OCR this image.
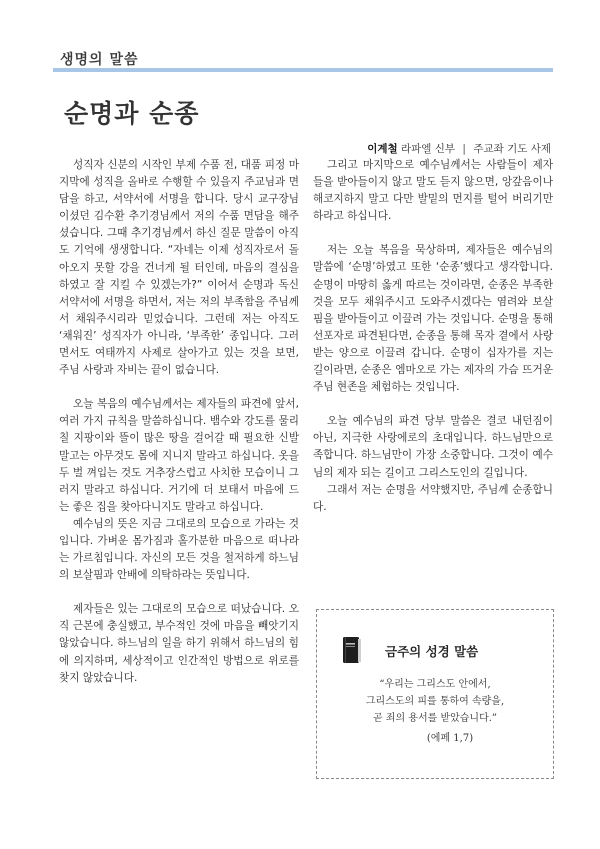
생명의 말씀
순명과 순종
이계철 라파엘 신부 | 주교좌 기도 사제

성직자 신분의 시작인 부제 수품 전, 대품 피정 마지막에 성직을 올바로 수행할 수 있을지 주교님과 면담을 하고, 서약서에 서명을 합니다. 당시 교구장님이셨던 김수환 추기경님께서 저의 수품 면담을 해주셨습니다. 그때 추기경님께서 하신 질문 말씀이 아직도 기억에 생생합니다. “자네는 이제 성직자로서 돌아오지 못할 강을 건너게 될 터인데, 마음의 결심을 하였고 잘 지킬 수 있겠는가?” 이어서 순명과 독신 서약서에 서명을 하면서, 저는 저의 부족함을 주님께서 채워주시리라 믿었습니다. 그런데 저는 아직도 ‘채워진’ 성직자가 아니라, ‘부족한’ 종입니다. 그러면서도 여태까지 사제로 살아가고 있는 것을 보면, 주님 사랑과 자비는 끝이 없습니다.

오늘 복음의 예수님께서는 제자들의 파견에 앞서, 여러 가지 규칙을 말씀하십니다. 뱀수와 강도를 물리칠 지팡이와 뜰이 많은 땅을 걸어갈 때 필요한 신발 말고는 아무것도 몸에 지니지 말라고 하십니다. 옷을 두 벌 껴입는 것도 거추장스럽고 사치한 모습이니 그러지 말라고 하십니다. 거기에 더 보태서 마음에 드는 좋은 집을 찾아다니지도 말라고 하십니다.

예수님의 뜻은 지금 그대로의 모습으로 가라는 것입니다. 가벼운 몸가짐과 홀가분한 마음으로 떠나라는 가르침입니다. 자신의 모든 것을 철저하게 하느님의 보살핌과 안배에 의탁하라는 뜻입니다.

제자들은 있는 그대로의 모습으로 떠났습니다. 오직 근본에 충실했고, 부수적인 것에 마음을 빼앗기지 않았습니다. 하느님의 일을 하기 위해서 하느님의 힘에 의지하며, 세상적이고 인간적인 방법으로 위로를 찾지 않았습니다.

그리고 마지막으로 예수님께서는 사람들이 제자들을 받아들이지 않고 말도 듣지 않으면, 앙갚음이나 해코지하지 말고 다만 발밑의 먼지를 털어 버리기만 하라고 하십니다.

저는 오늘 복음을 묵상하며, 제자들은 예수님의 말씀에 ‘순명’하였고 또한 ‘순종’했다고 생각합니다. 순명이 마땅히 옳게 따르는 것이라면, 순종은 부족한 것을 모두 채워주시고 도와주시겠다는 염려와 보살핌을 받아들이고 이끌려 가는 것입니다. 순명을 통해 선포자로 파견된다면, 순종을 통해 목자 곁에서 사랑받는 양으로 이끌려 갑니다. 순명이 십자가를 지는 길이라면, 순종은 엠마오로 가는 제자의 가슴 뜨거운 주님 현존을 체험하는 것입니다.

오늘 예수님의 파견 당부 말씀은 결코 내던짐이 아닌, 지극한 사랑에로의 초대입니다. 하느님만으로 족합니다. 하느님만이 가장 소중합니다. 그것이 예수님의 제자 되는 길이고 그리스도인의 길입니다.

그래서 저는 순명을 서약했지만, 주님께 순종합니다.

금주의 성경 말씀
“우리는 그리스도 안에서,
그리스도의 피를 통하여 속량을,
곧 죄의 용서를 받았습니다.”
(에페 1,7)
